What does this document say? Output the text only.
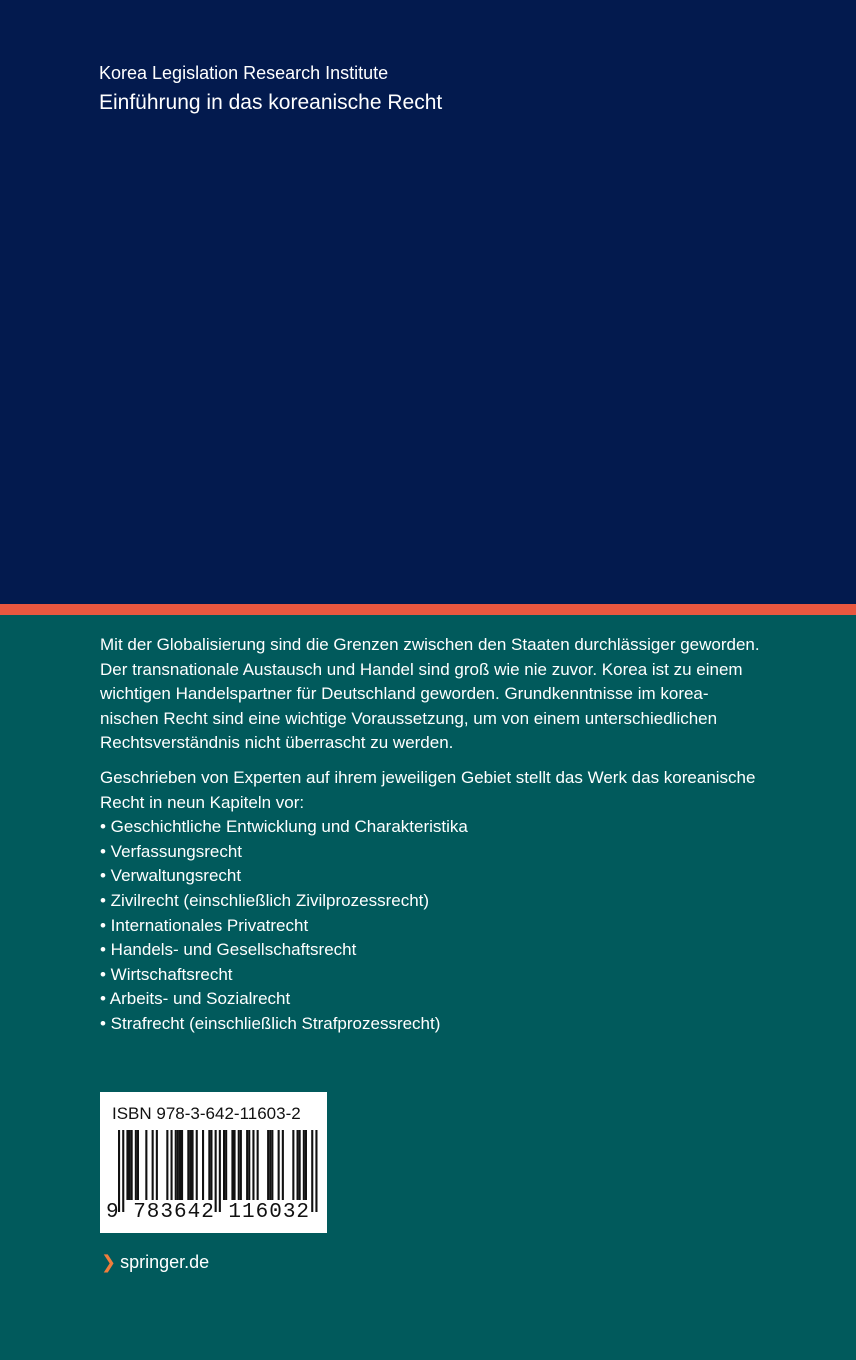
Korea Legislation Research Institute
Einführung in das koreanische Recht

Mit der Globalisierung sind die Grenzen zwischen den Staaten durchlässiger geworden.
Der transnationale Austausch und Handel sind groß wie nie zuvor. Korea ist zu einem
wichtigen Handelspartner für Deutschland geworden. Grundkenntnisse im korea-
nischen Recht sind eine wichtige Voraussetzung, um von einem unterschiedlichen
Rechtsverständnis nicht überrascht zu werden.

Geschrieben von Experten auf ihrem jeweiligen Gebiet stellt das Werk das koreanische
Recht in neun Kapiteln vor:
• Geschichtliche Entwicklung und Charakteristika
• Verfassungsrecht
• Verwaltungsrecht
• Zivilrecht (einschließlich Zivilprozessrecht)
• Internationales Privatrecht
• Handels- und Gesellschaftsrecht
• Wirtschaftsrecht
• Arbeits- und Sozialrecht
• Strafrecht (einschließlich Strafprozessrecht)
ISBN 978-3-642-11603-2
9 783642 116032
❯ springer.de
